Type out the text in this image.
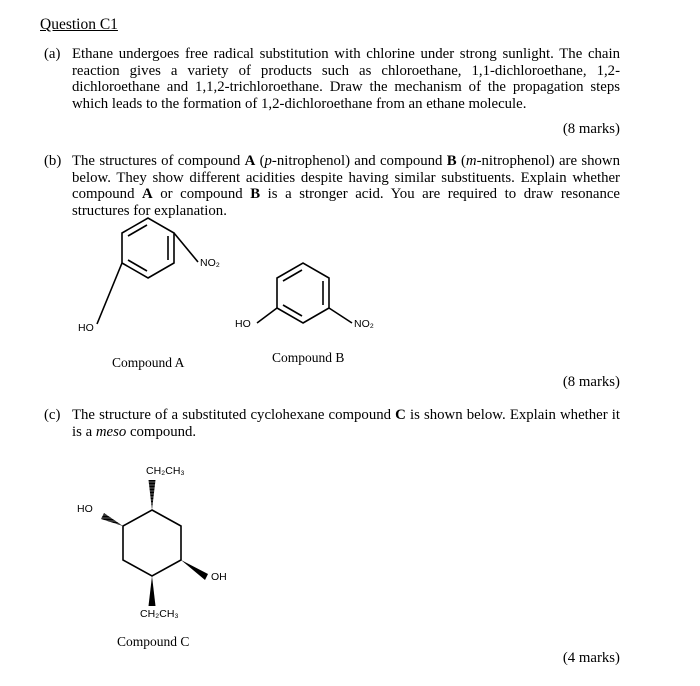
Question C1
(a) Ethane undergoes free radical substitution with chlorine under strong sunlight. The chain reaction gives a variety of products such as chloroethane, 1,1-dichloroethane, 1,2-dichloroethane and 1,1,2-trichloroethane. Draw the mechanism of the propagation steps which leads to the formation of 1,2-dichloroethane from an ethane molecule.
(8 marks)
(b) The structures of compound A (p-nitrophenol) and compound B (m-nitrophenol) are shown below. They show different acidities despite having similar substituents. Explain whether compound A or compound B is a stronger acid. You are required to draw resonance structures for explanation.
NO₂
HO
Compound A
HO	NO₂
Compound B
(8 marks)
(c) The structure of a substituted cyclohexane compound C is shown below. Explain whether it is a meso compound.
CH₂CH₃
HO
OH
CH₂CH₃
Compound C
(4 marks)
